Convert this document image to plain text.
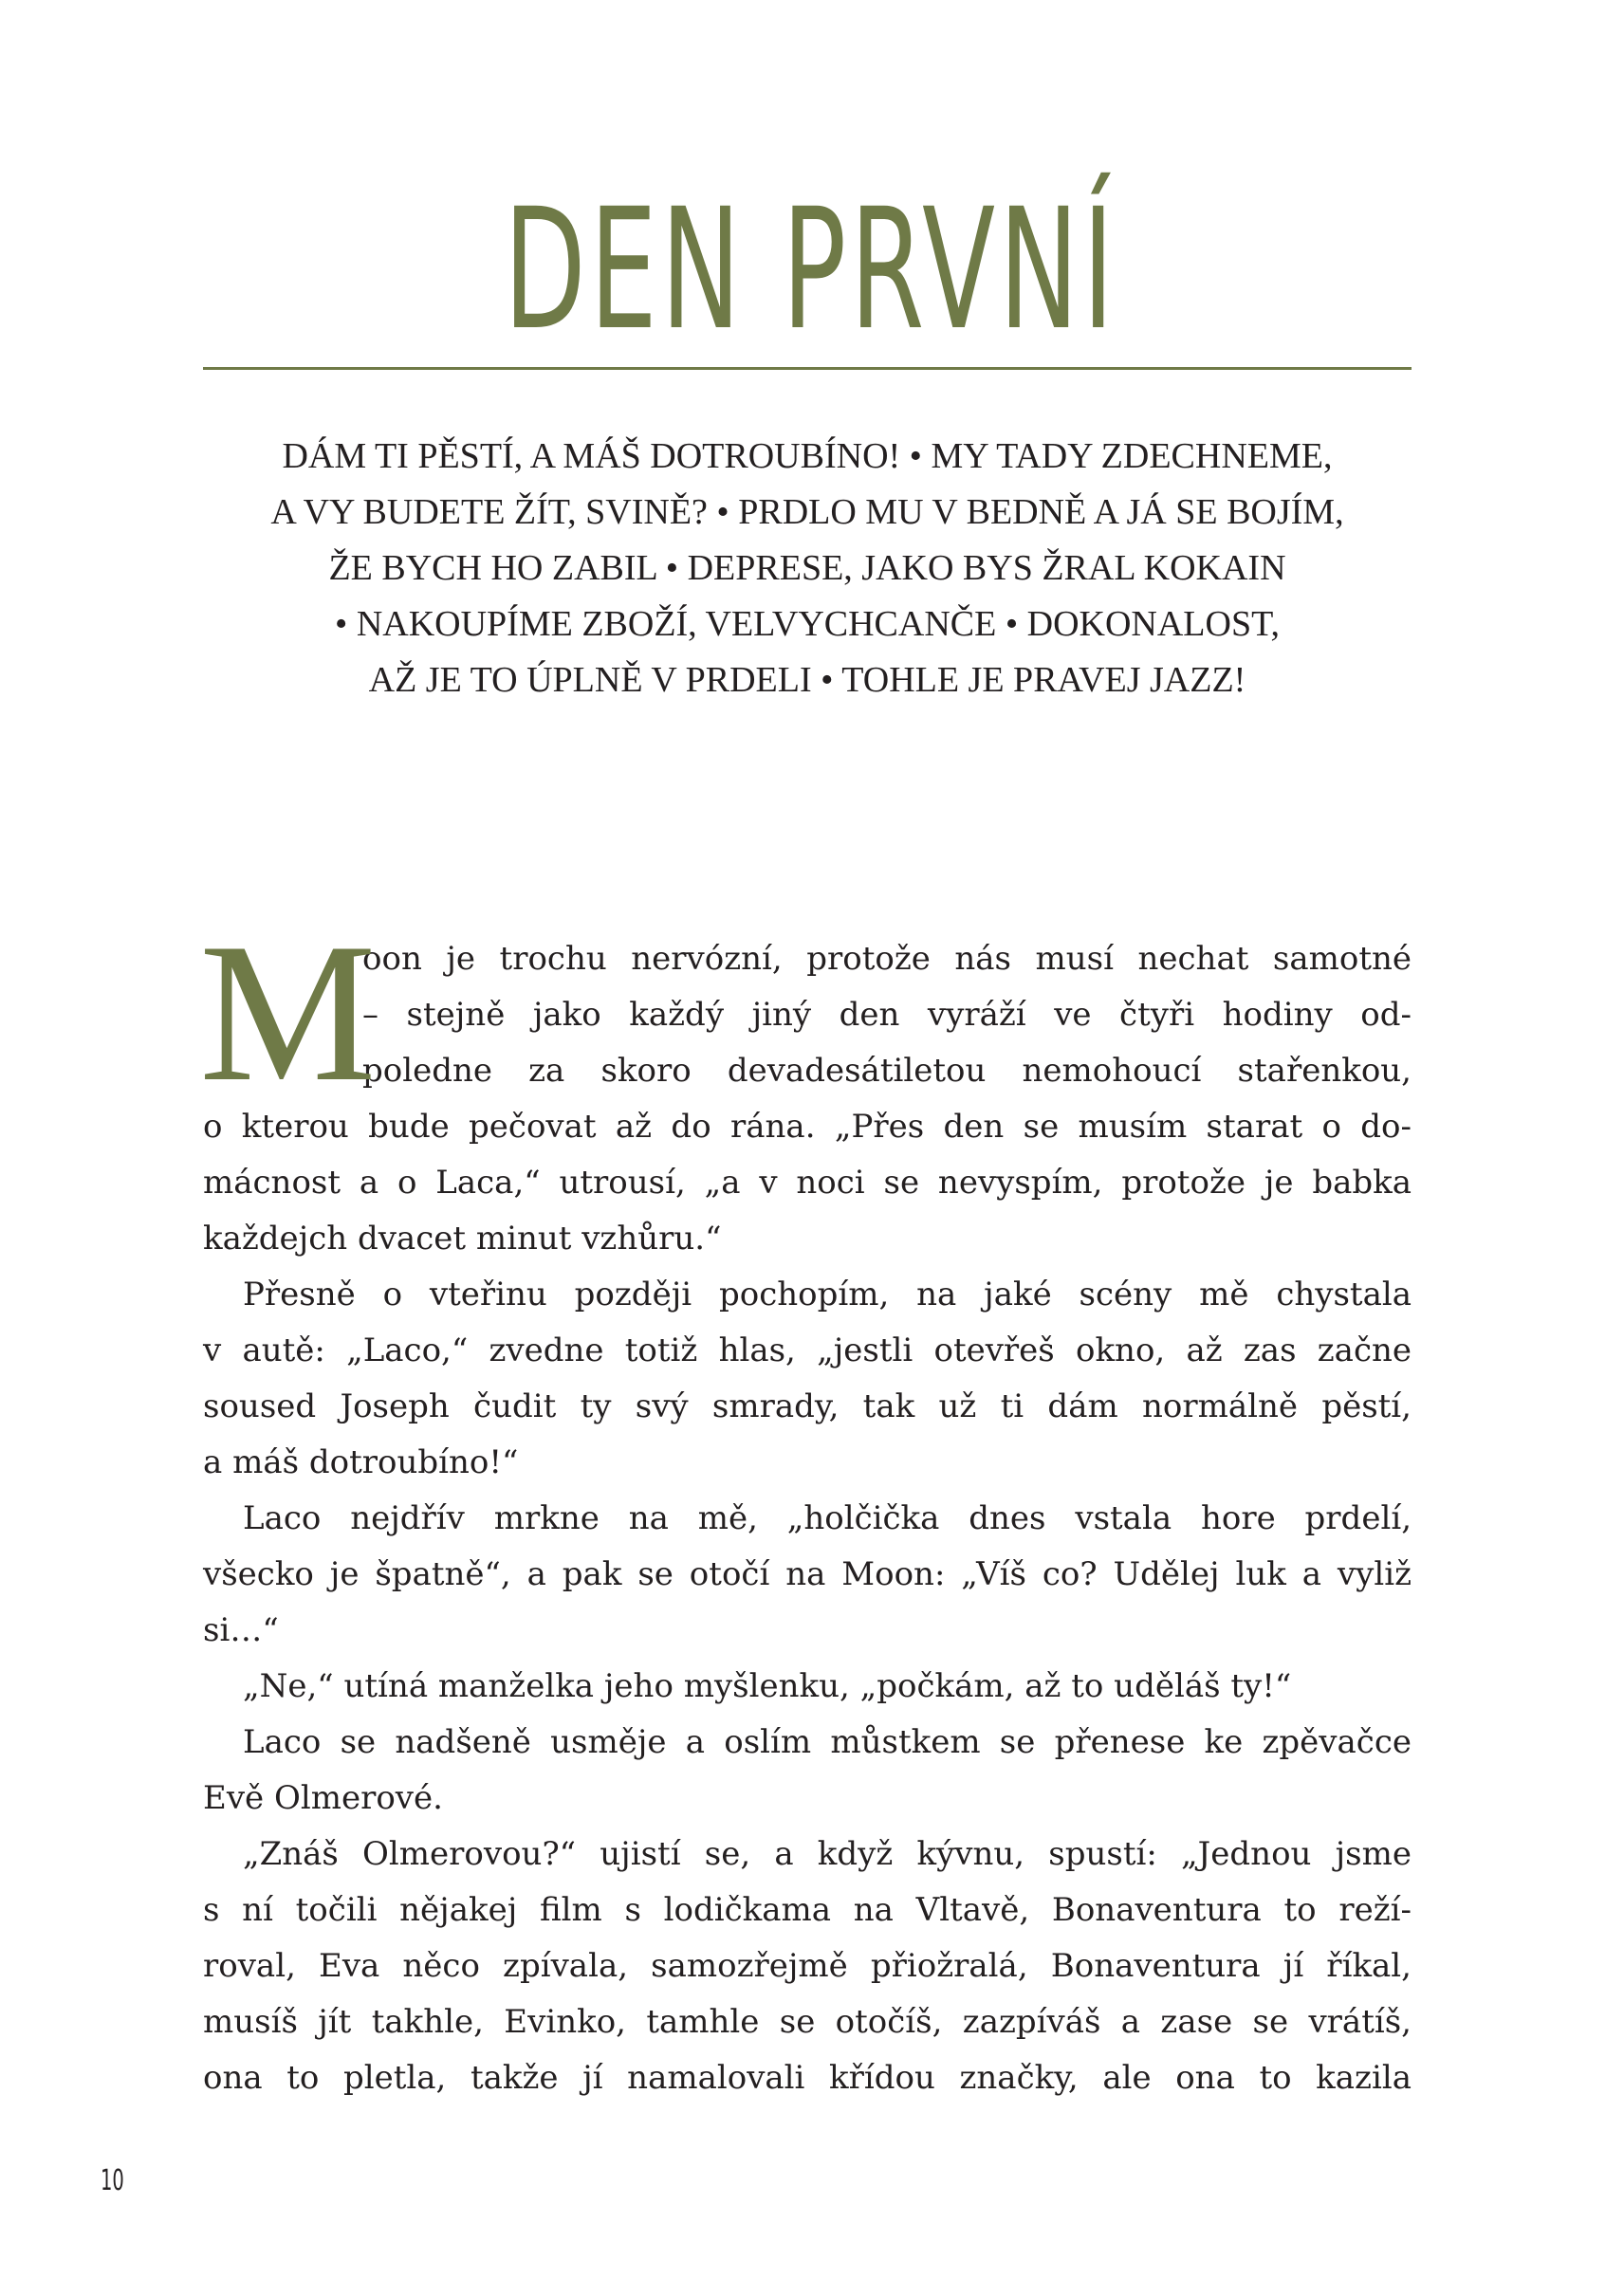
DEN PRVNÍ
DÁM TI PĚSTÍ, A MÁŠ DOTROUBÍNO! • MY TADY ZDECHNEME,
A VY BUDETE ŽÍT, SVINĚ? • PRDLO MU V BEDNĚ A JÁ SE BOJÍM,
ŽE BYCH HO ZABIL • DEPRESE, JAKO BYS ŽRAL KOKAIN
• NAKOUPÍME ZBOŽÍ, VELVYCHCANČE • DOKONALOST,
AŽ JE TO ÚPLNĚ V PRDELI • TOHLE JE PRAVEJ JAZZ!
M
oon je trochu nervózní, protože nás musí nechat samotné
– stejně jako každý jiný den vyráží ve čtyři hodiny od-
poledne za skoro devadesátiletou nemohoucí stařenkou,
o kterou bude pečovat až do rána. „Přes den se musím starat o do-
mácnost a o Laca,“ utrousí, „a v noci se nevyspím, protože je babka
každejch dvacet minut vzhůru.“
Přesně o vteřinu později pochopím, na jaké scény mě chystala
v autě: „Laco,“ zvedne totiž hlas, „jestli otevřeš okno, až zas začne
soused Joseph čudit ty svý smrady, tak už ti dám normálně pěstí,
a máš dotroubíno!“
Laco nejdřív mrkne na mě, „holčička dnes vstala hore prdelí,
všecko je špatně“, a pak se otočí na Moon: „Víš co? Udělej luk a vyliž
si…“
„Ne,“ utíná manželka jeho myšlenku, „počkám, až to uděláš ty!“
Laco se nadšeně usměje a oslím můstkem se přenese ke zpěvačce
Evě Olmerové.
„Znáš Olmerovou?“ ujistí se, a když kývnu, spustí: „Jednou jsme
s ní točili nějakej film s lodičkama na Vltavě, Bonaventura to reží-
roval, Eva něco zpívala, samozřejmě přiožralá, Bonaventura jí říkal,
musíš jít takhle, Evinko, tamhle se otočíš, zazpíváš a zase se vrátíš,
ona to pletla, takže jí namalovali křídou značky, ale ona to kazila
10
